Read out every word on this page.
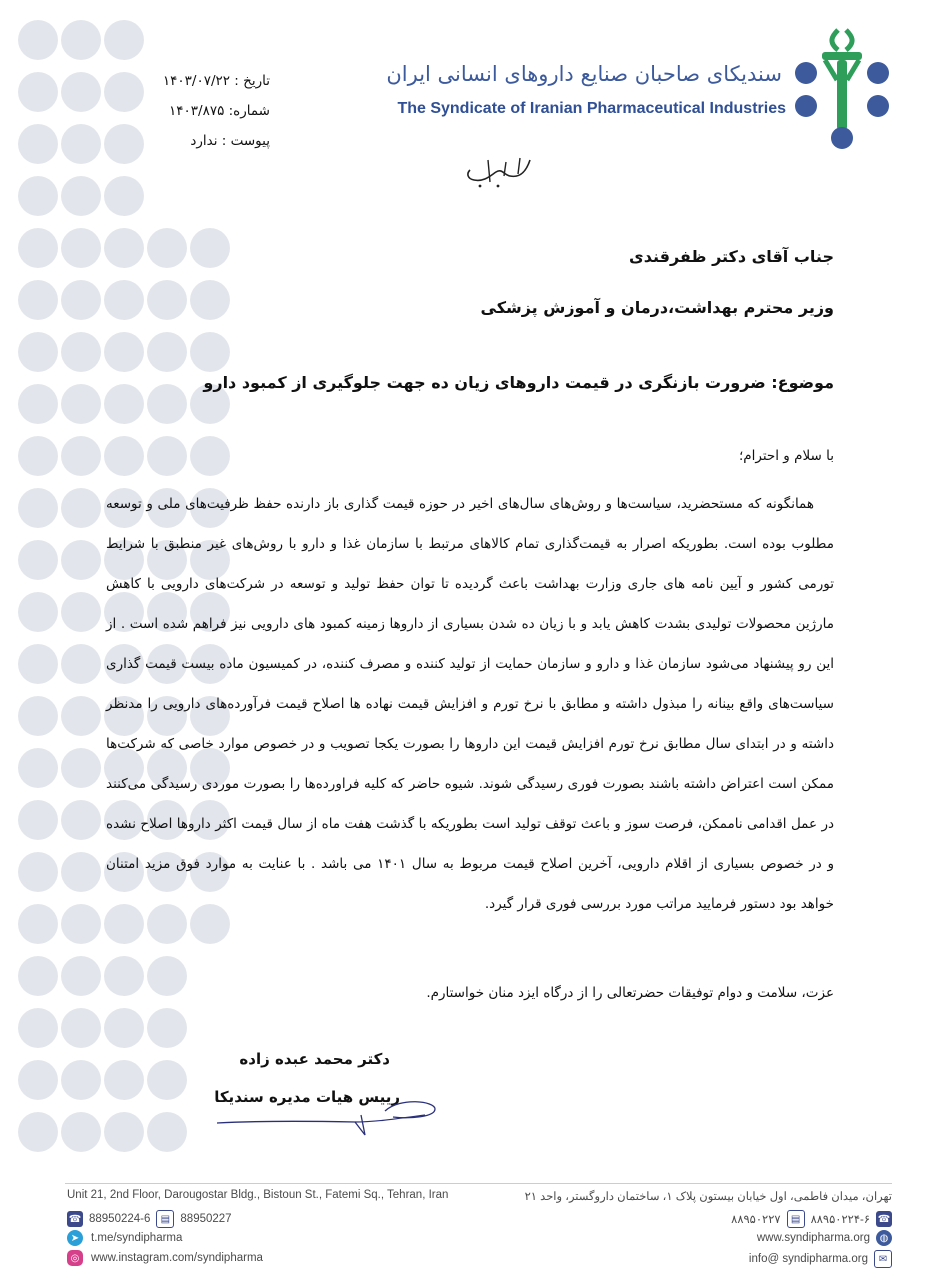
سندیکای صاحبان صنایع داروهای انسانی ایران
The Syndicate of Iranian Pharmaceutical Industries
تاریخ : ۱۴۰۳/۰۷/۲۲
شماره: ۱۴۰۳/۸۷۵
پیوست : ندارد
جناب آقای دکتر ظفرقندی
وزیر محترم بهداشت،درمان و آموزش پزشکی
موضوع: ضرورت بازنگری در قیمت داروهای زیان ده جهت جلوگیری از کمبود دارو
با سلام و احترام؛
همانگونه که مستحضرید، سیاست‌ها و روش‌های سال‌های اخیر در حوزه قیمت گذاری باز دارنده حفظ ظرفیت‌های ملی و توسعه مطلوب بوده است. بطوریکه اصرار به قیمت‌گذاری تمام کالاهای مرتبط با سازمان غذا و دارو با روش‌های غیر منطبق با شرایط تورمی کشور و آیین نامه های جاری وزارت بهداشت باعث گردیده تا توان حفظ تولید و توسعه در شرکت‌های دارویی با کاهش مارژین محصولات تولیدی بشدت کاهش یابد و با زیان ده شدن بسیاری از داروها زمینه کمبود های دارویی نیز فراهم شده است . از این رو پیشنهاد می‌شود سازمان غذا و دارو و سازمان حمایت از تولید کننده و مصرف کننده، در کمیسیون ماده بیست قیمت گذاری سیاست‌های واقع بینانه را مبذول داشته و مطابق با نرخ تورم و افزایش قیمت نهاده ها اصلاح قیمت فرآورده‌های دارویی را مدنظر داشته و در ابتدای سال مطابق نرخ تورم افزایش قیمت این داروها را بصورت یکجا تصویب و در خصوص موارد خاصی که شرکت‌ها ممکن است اعتراض داشته باشند بصورت فوری رسیدگی شوند. شیوه حاضر که کلیه فراورده‌ها را بصورت موردی رسیدگی می‌کنند در عمل اقدامی ناممکن، فرصت سوز و باعث توقف تولید است بطوریکه با گذشت هفت ماه از سال قیمت اکثر داروها اصلاح نشده و در خصوص بسیاری از اقلام دارویی، آخرین اصلاح قیمت مربوط به سال ۱۴۰۱ می باشد . با عنایت به موارد فوق مزید امتنان خواهد بود دستور فرمایید مراتب مورد بررسی فوری قرار گیرد.
عزت، سلامت و دوام توفیقات حضرتعالی را از درگاه ایزد منان خواستارم.
دکتر محمد عبده زاده
رییس هیات مدیره سندیکا
Unit 21, 2nd Floor, Darougostar Bldg., Bistoun St., Fatemi Sq., Tehran, Iran	تهران، میدان فاطمی، اول خیابان بیستون پلاک ۱، ساختمان داروگستر، واحد ۲۱
☎ 88950224-6	▤ 88950227	۸۸۹۵۰۲۲۷	▤ ۸۸۹۵۰۲۲۴-۶ ☎
➤	t.me/syndipharma
◎	www.instagram.com/syndipharma
www.syndipharma.org ◍
info@ syndipharma.org	✉
